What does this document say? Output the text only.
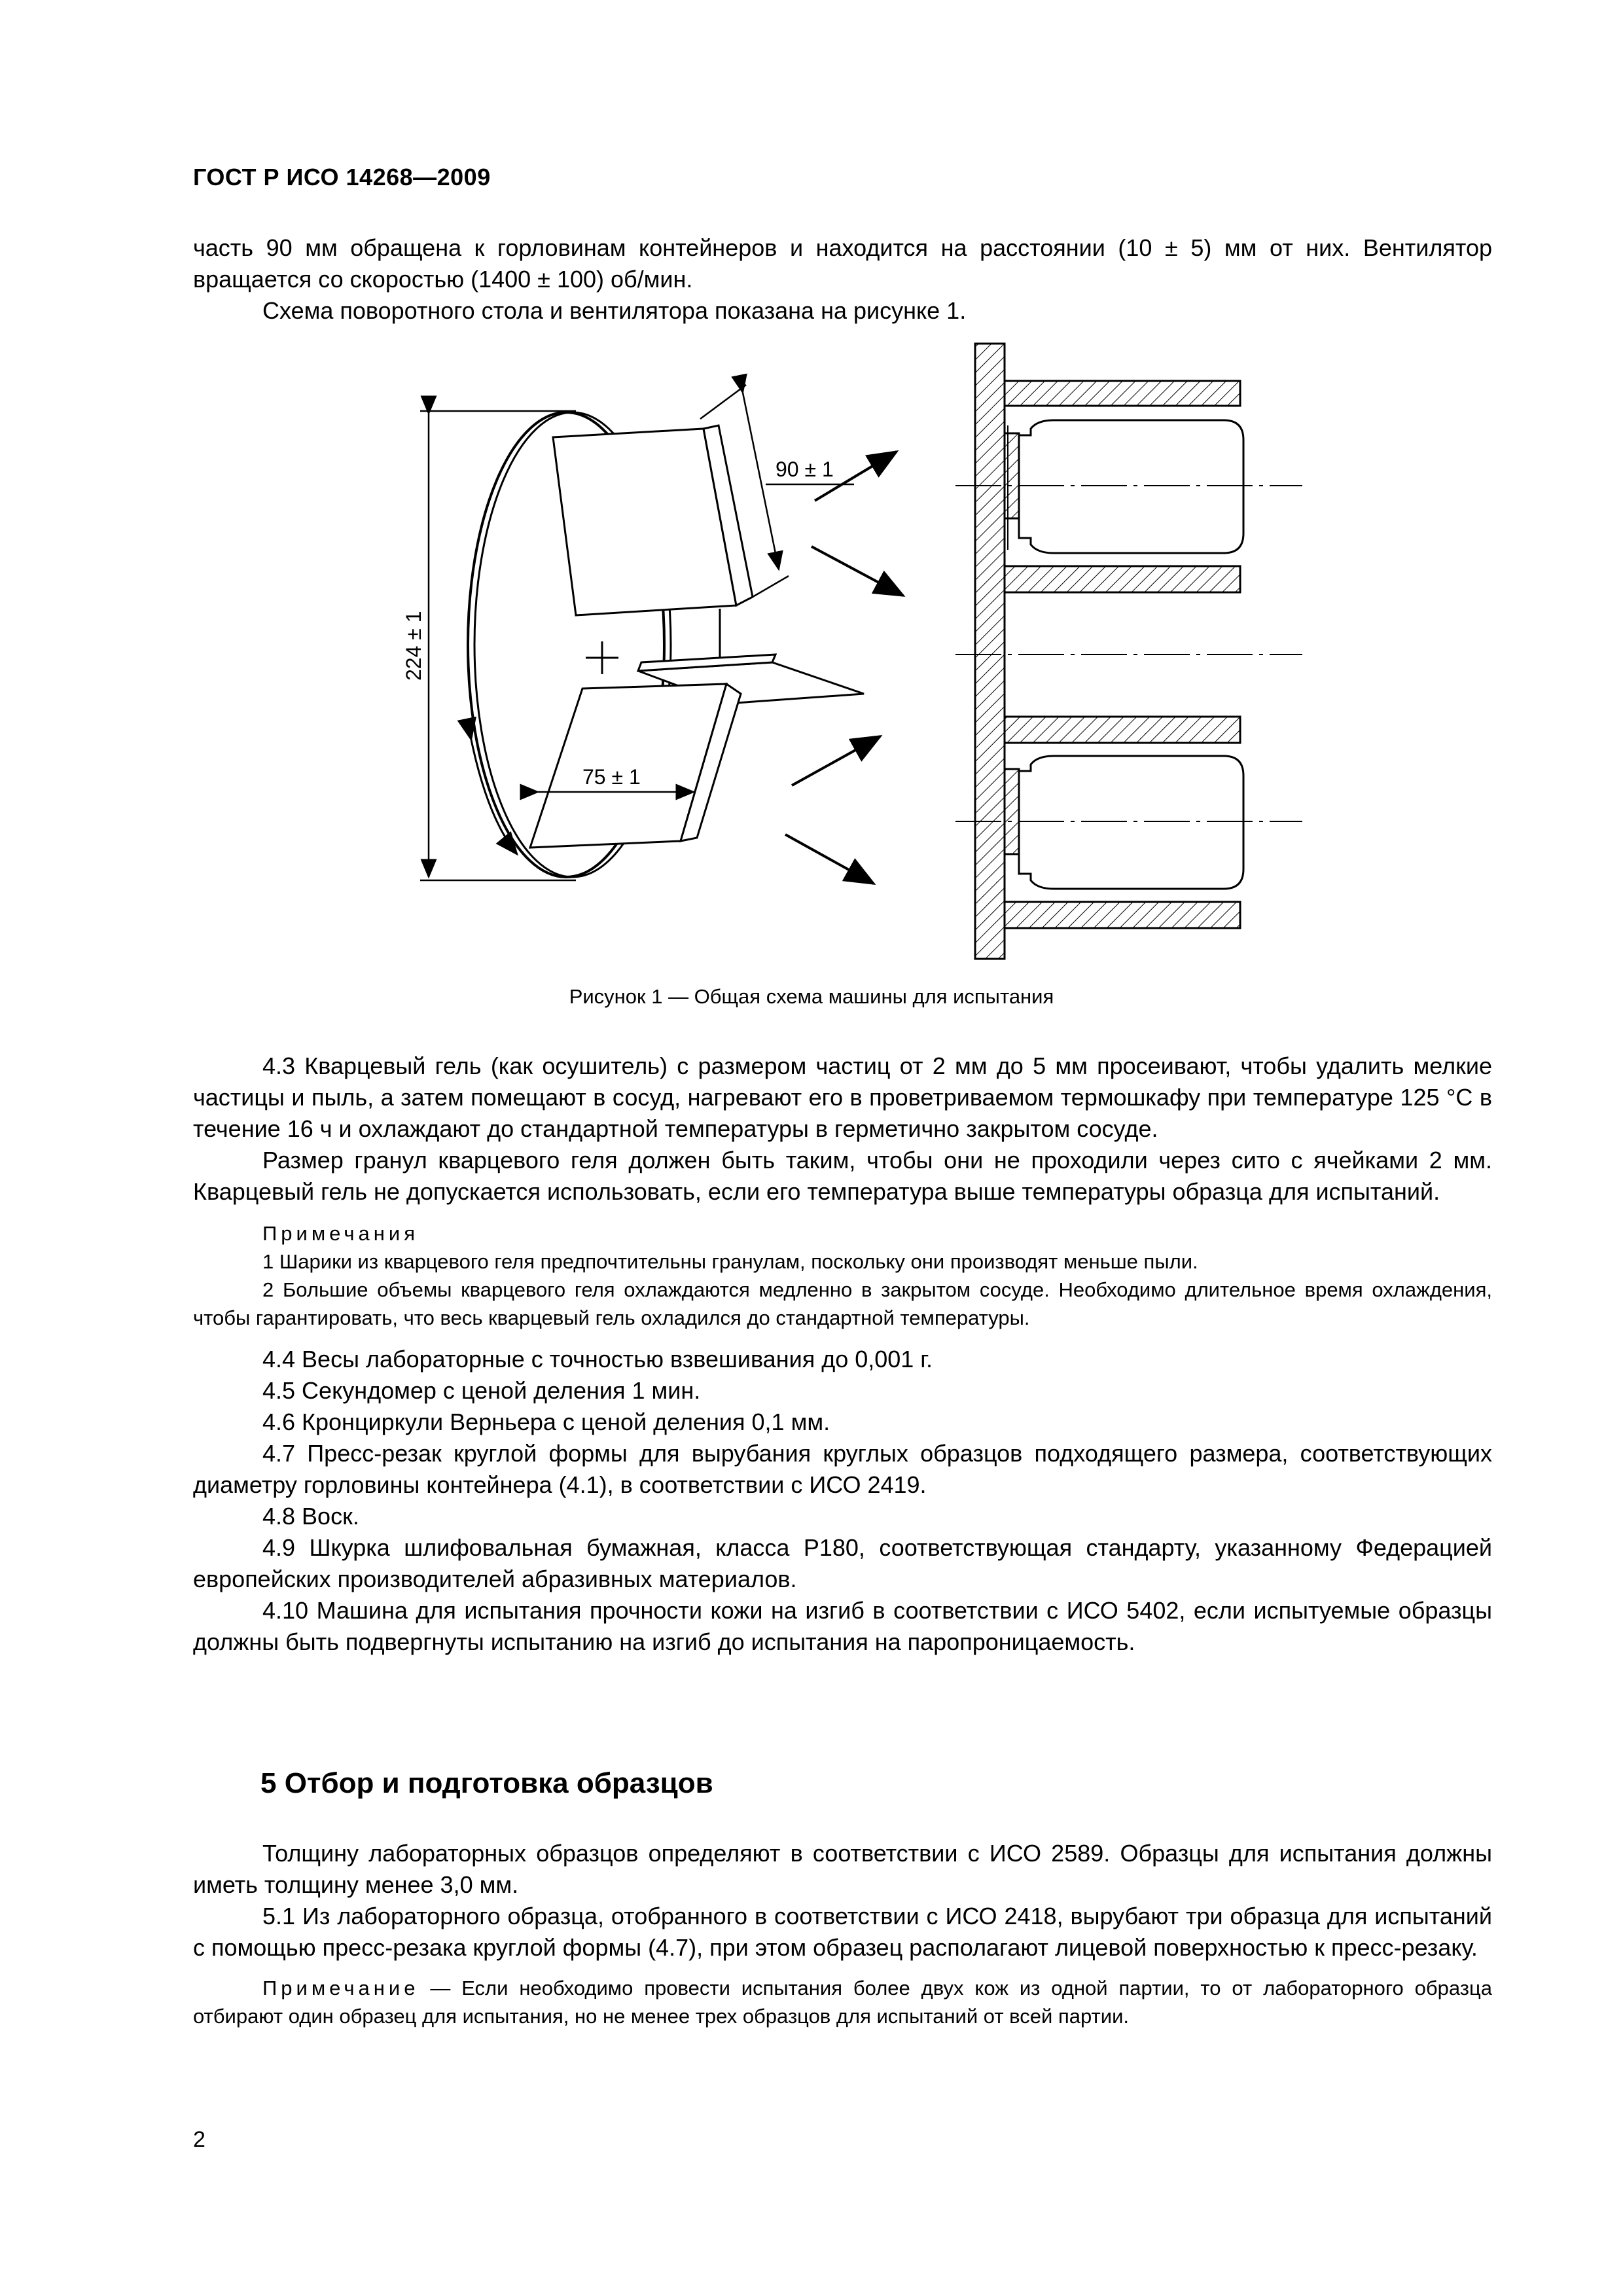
ГОСТ Р ИСО 14268—2009

часть 90 мм обращена к горловинам контейнеров и находится на расстоянии (10 ± 5) мм от них. Вентилятор вращается со скоростью (1400 ± 100) об/мин.

Схема поворотного стола и вентилятора показана на рисунке 1.

90 ± 1
224 ± 1
75 ± 1
Рисунок 1 — Общая схема машины для испытания

4.3 Кварцевый гель (как осушитель) с размером частиц от 2 мм до 5 мм просеивают, чтобы удалить мелкие частицы и пыль, а затем помещают в сосуд, нагревают его в проветриваемом термошкафу при температуре 125 °С в течение 16 ч и охлаждают до стандартной температуры в герметично закрытом сосуде.

Размер гранул кварцевого геля должен быть таким, чтобы они не проходили через сито с ячейками 2 мм. Кварцевый гель не допускается использовать, если его температура выше температуры образца для испытаний.

Примечания

1 Шарики из кварцевого геля предпочтительны гранулам, поскольку они производят меньше пыли.

2 Большие объемы кварцевого геля охлаждаются медленно в закрытом сосуде. Необходимо длительное время охлаждения, чтобы гарантировать, что весь кварцевый гель охладился до стандартной температуры.

4.4 Весы лабораторные с точностью взвешивания до 0,001 г.

4.5 Секундомер с ценой деления 1 мин.

4.6 Кронциркули Верньера с ценой деления 0,1 мм.

4.7 Пресс-резак круглой формы для вырубания круглых образцов подходящего размера, соответствующих диаметру горловины контейнера (4.1), в соответствии с ИСО 2419.

4.8 Воск.

4.9 Шкурка шлифовальная бумажная, класса Р180, соответствующая стандарту, указанному Федерацией европейских производителей абразивных материалов.

4.10 Машина для испытания прочности кожи на изгиб в соответствии с ИСО 5402, если испытуемые образцы должны быть подвергнуты испытанию на изгиб до испытания на паропроницаемость.

5 Отбор и подготовка образцов

Толщину лабораторных образцов определяют в соответствии с ИСО 2589. Образцы для испытания должны иметь толщину менее 3,0 мм.

5.1 Из лабораторного образца, отобранного в соответствии с ИСО 2418, вырубают три образца для испытаний с помощью пресс-резака круглой формы (4.7), при этом образец располагают лицевой поверхностью к пресс-резаку.

Примечание — Если необходимо провести испытания более двух кож из одной партии, то от лабораторного образца отбирают один образец для испытания, но не менее трех образцов для испытаний от всей партии.

2
